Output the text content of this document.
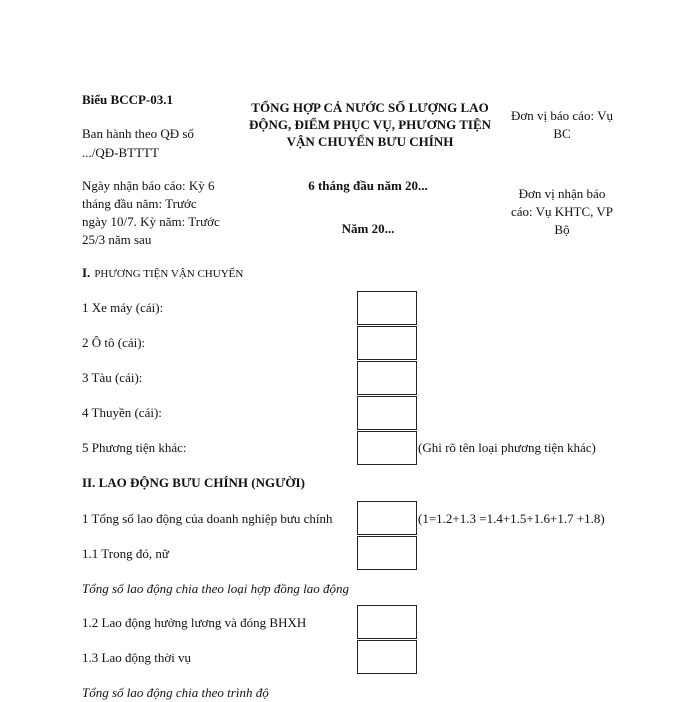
Biểu BCCP-03.1
Ban hành theo QĐ số
.../QĐ-BTTTT
Ngày nhận báo cáo: Kỳ 6
tháng đầu năm: Trước
ngày 10/7. Kỳ năm: Trước
25/3 năm sau
TỔNG HỢP CẢ NƯỚC SỐ LƯỢNG LAO
ĐỘNG, ĐIỂM PHỤC VỤ, PHƯƠNG TIỆN
VẬN CHUYỂN BƯU CHÍNH
6 tháng đầu năm 20...
Năm 20...
Đơn vị báo cáo: Vụ
BC
Đơn vị nhận báo
cáo: Vụ KHTC, VP
Bộ
I. PHƯƠNG TIỆN VẬN CHUYỂN
1 Xe máy (cái):
2 Ô tô (cái):
3 Tàu (cái):
4 Thuyền (cái):
5 Phương tiện khác:	(Ghi rõ tên loại phương tiện khác)
II. LAO ĐỘNG BƯU CHÍNH (NGƯỜI)
1 Tổng số lao động của doanh nghiệp bưu chính	(1=1.2+1.3 =1.4+1.5+1.6+1.7 +1.8)
1.1 Trong đó, nữ
Tổng số lao động chia theo loại hợp đồng lao động
1.2 Lao động hưởng lương và đóng BHXH
1.3 Lao động thời vụ
Tổng số lao động chia theo trình độ
